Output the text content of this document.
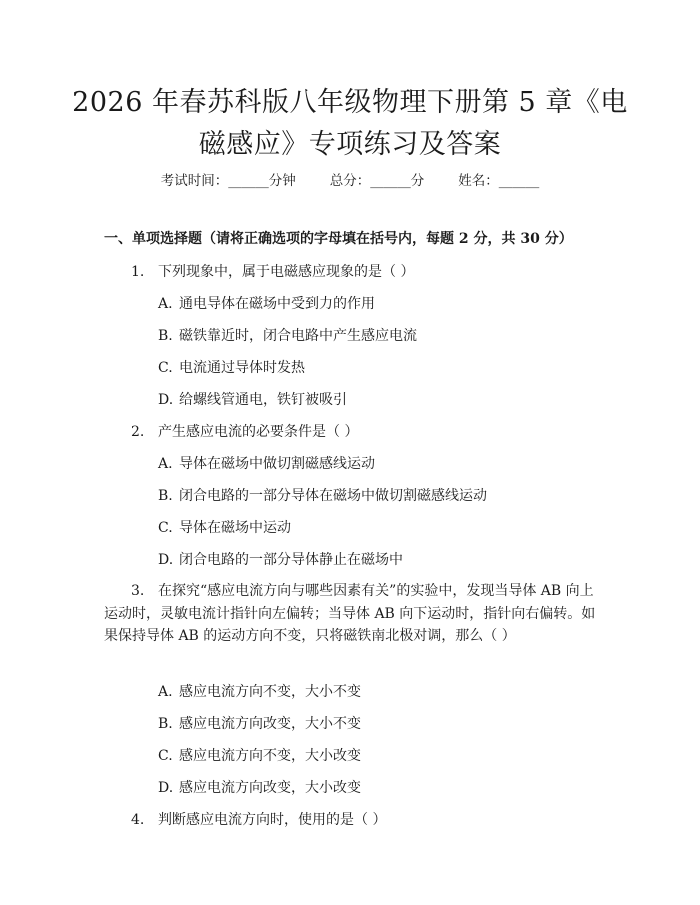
2026 年春苏科版八年级物理下册第 5 章《电
磁感应》专项练习及答案
考试时间：______分钟	总分：______分	姓名：______
一、单项选择题（请将正确选项的字母填在括号内，每题 2 分，共 30 分）
1. 下列现象中，属于电磁感应现象的是（ ）
A. 通电导体在磁场中受到力的作用
B. 磁铁靠近时，闭合电路中产生感应电流
C. 电流通过导体时发热
D. 给螺线管通电，铁钉被吸引
2. 产生感应电流的必要条件是（ ）
A. 导体在磁场中做切割磁感线运动
B. 闭合电路的一部分导体在磁场中做切割磁感线运动
C. 导体在磁场中运动
D. 闭合电路的一部分导体静止在磁场中
3. 在探究“感应电流方向与哪些因素有关”的实验中，发现当导体 AB 向上运动时，灵敏电流计指针向左偏转；当导体 AB 向下运动时，指针向右偏转。如果保持导体 AB 的运动方向不变，只将磁铁南北极对调，那么（ ）
A. 感应电流方向不变，大小不变
B. 感应电流方向改变，大小不变
C. 感应电流方向不变，大小改变
D. 感应电流方向改变，大小改变
4. 判断感应电流方向时，使用的是（ ）
